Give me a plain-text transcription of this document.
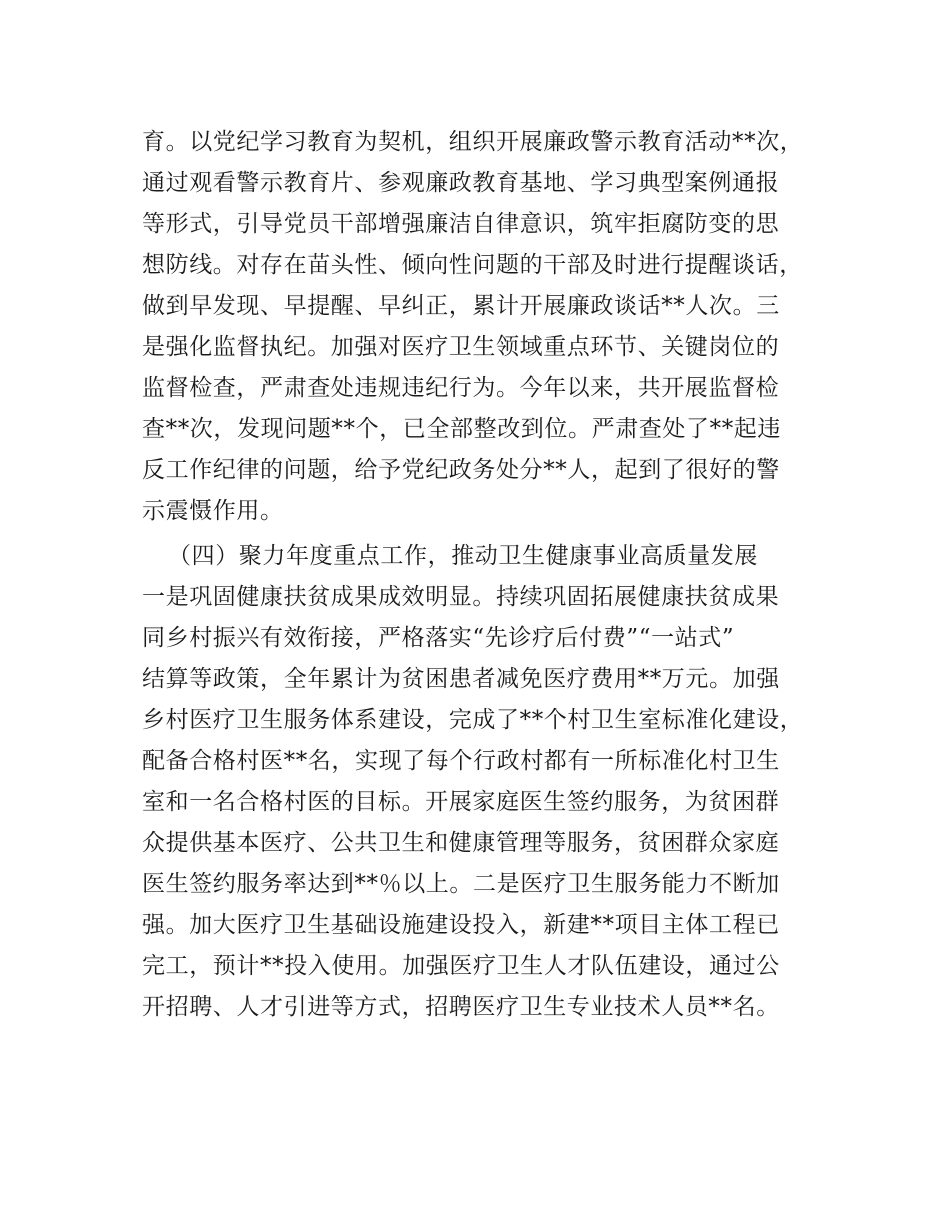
育。以党纪学习教育为契机，组织开展廉政警示教育活动**次，
通过观看警示教育片、参观廉政教育基地、学习典型案例通报
等形式，引导党员干部增强廉洁自律意识，筑牢拒腐防变的思
想防线。对存在苗头性、倾向性问题的干部及时进行提醒谈话，
做到早发现、早提醒、早纠正，累计开展廉政谈话**人次。三
是强化监督执纪。加强对医疗卫生领域重点环节、关键岗位的
监督检查，严肃查处违规违纪行为。今年以来，共开展监督检
查**次，发现问题**个，已全部整改到位。严肃查处了**起违
反工作纪律的问题，给予党纪政务处分**人，起到了很好的警
示震慑作用。
（四）聚力年度重点工作，推动卫生健康事业高质量发展
一是巩固健康扶贫成果成效明显。持续巩固拓展健康扶贫成果
同乡村振兴有效衔接，严格落实“先诊疗后付费”“一站式”
结算等政策，全年累计为贫困患者减免医疗费用**万元。加强
乡村医疗卫生服务体系建设，完成了**个村卫生室标准化建设，
配备合格村医**名，实现了每个行政村都有一所标准化村卫生
室和一名合格村医的目标。开展家庭医生签约服务，为贫困群
众提供基本医疗、公共卫生和健康管理等服务，贫困群众家庭
医生签约服务率达到**％以上。二是医疗卫生服务能力不断加
强。加大医疗卫生基础设施建设投入，新建**项目主体工程已
完工，预计**投入使用。加强医疗卫生人才队伍建设，通过公
开招聘、人才引进等方式，招聘医疗卫生专业技术人员**名。
